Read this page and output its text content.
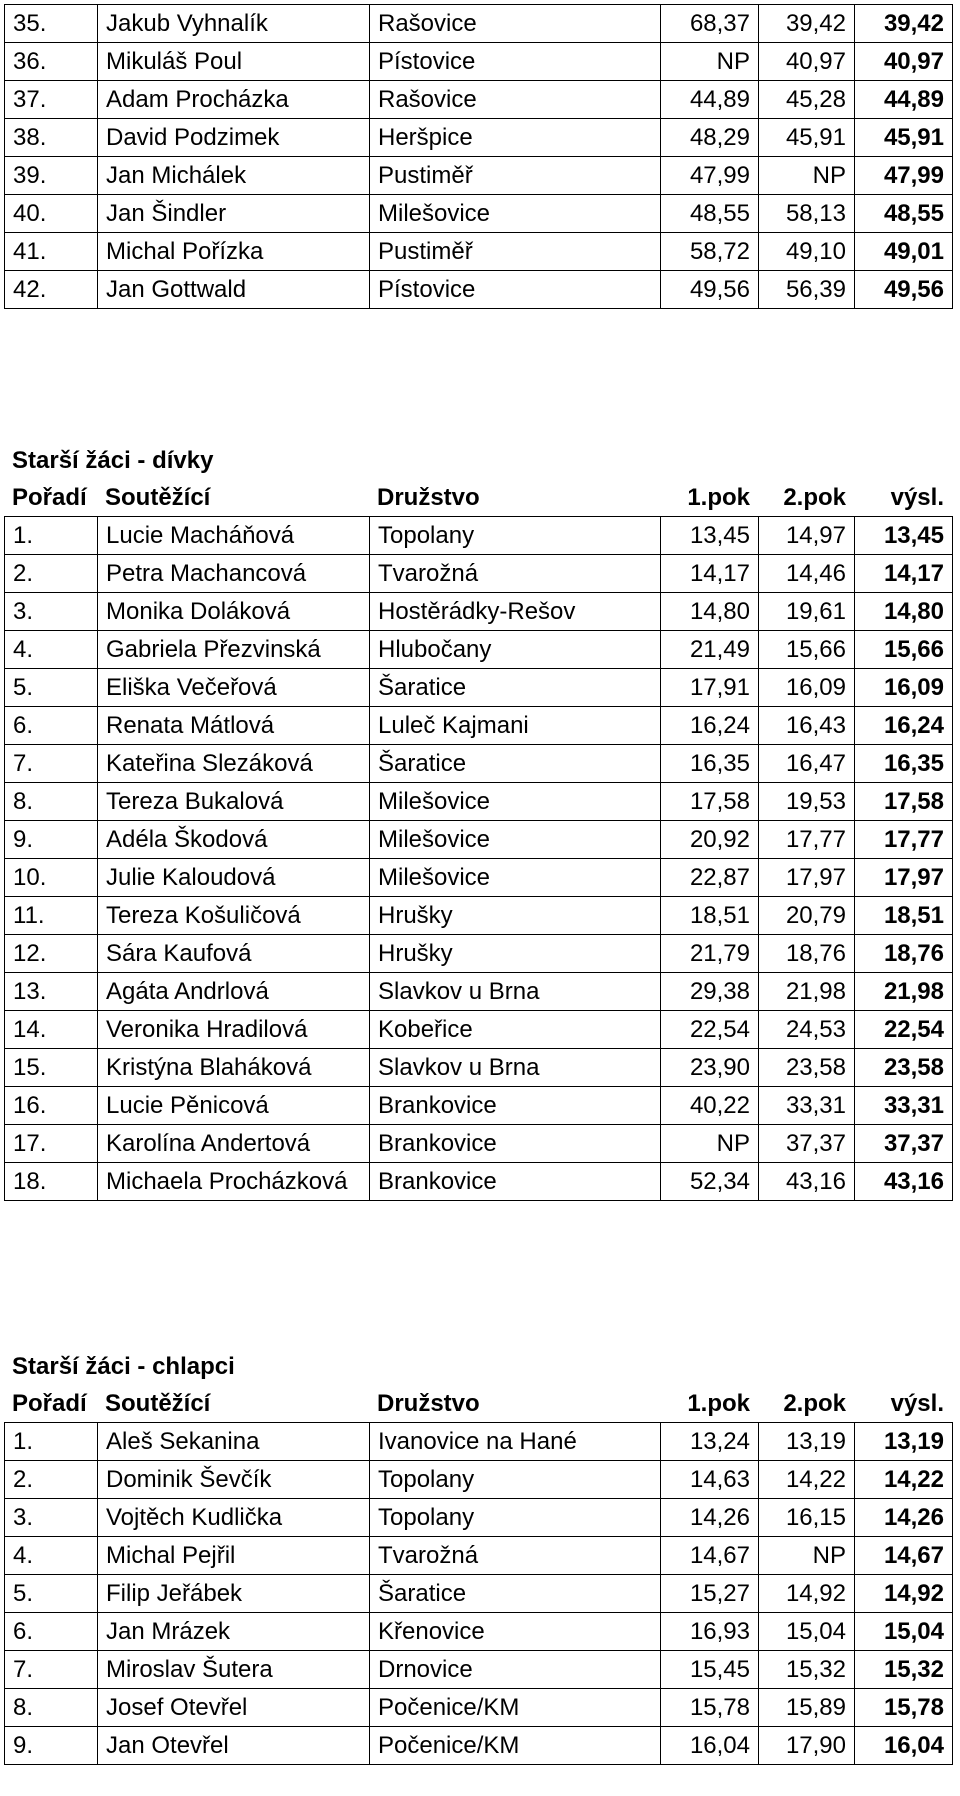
35.	Jakub Vyhnalík	Rašovice	68,37	39,42	39,42
36.	Mikuláš Poul	Pístovice	NP	40,97	40,97
37.	Adam Procházka	Rašovice	44,89	45,28	44,89
38.	David Podzimek	Heršpice	48,29	45,91	45,91
39.	Jan Michálek	Pustiměř	47,99	NP	47,99
40.	Jan Šindler	Milešovice	48,55	58,13	48,55
41.	Michal Pořízka	Pustiměř	58,72	49,10	49,01
42.	Jan Gottwald	Pístovice	49,56	56,39	49,56
Starší žáci - dívky
Pořadí	Soutěžící	Družstvo	1.pok	2.pok	výsl.
1.	Lucie Macháňová	Topolany	13,45	14,97	13,45
2.	Petra Machancová	Tvarožná	14,17	14,46	14,17
3.	Monika Doláková	Hostěrádky-Rešov	14,80	19,61	14,80
4.	Gabriela Přezvinská	Hlubočany	21,49	15,66	15,66
5.	Eliška Večeřová	Šaratice	17,91	16,09	16,09
6.	Renata Mátlová	Luleč Kajmani	16,24	16,43	16,24
7.	Kateřina Slezáková	Šaratice	16,35	16,47	16,35
8.	Tereza Bukalová	Milešovice	17,58	19,53	17,58
9.	Adéla Škodová	Milešovice	20,92	17,77	17,77
10.	Julie Kaloudová	Milešovice	22,87	17,97	17,97
11.	Tereza Košuličová	Hrušky	18,51	20,79	18,51
12.	Sára Kaufová	Hrušky	21,79	18,76	18,76
13.	Agáta Andrlová	Slavkov u Brna	29,38	21,98	21,98
14.	Veronika Hradilová	Kobeřice	22,54	24,53	22,54
15.	Kristýna Blaháková	Slavkov u Brna	23,90	23,58	23,58
16.	Lucie Pěnicová	Brankovice	40,22	33,31	33,31
17.	Karolína Andertová	Brankovice	NP	37,37	37,37
18.	Michaela Procházková	Brankovice	52,34	43,16	43,16
Starší žáci - chlapci
Pořadí	Soutěžící	Družstvo	1.pok	2.pok	výsl.
1.	Aleš Sekanina	Ivanovice na Hané	13,24	13,19	13,19
2.	Dominik Ševčík	Topolany	14,63	14,22	14,22
3.	Vojtěch Kudlička	Topolany	14,26	16,15	14,26
4.	Michal Pejřil	Tvarožná	14,67	NP	14,67
5.	Filip Jeřábek	Šaratice	15,27	14,92	14,92
6.	Jan Mrázek	Křenovice	16,93	15,04	15,04
7.	Miroslav Šutera	Drnovice	15,45	15,32	15,32
8.	Josef Otevřel	Počenice/KM	15,78	15,89	15,78
9.	Jan Otevřel	Počenice/KM	16,04	17,90	16,04
